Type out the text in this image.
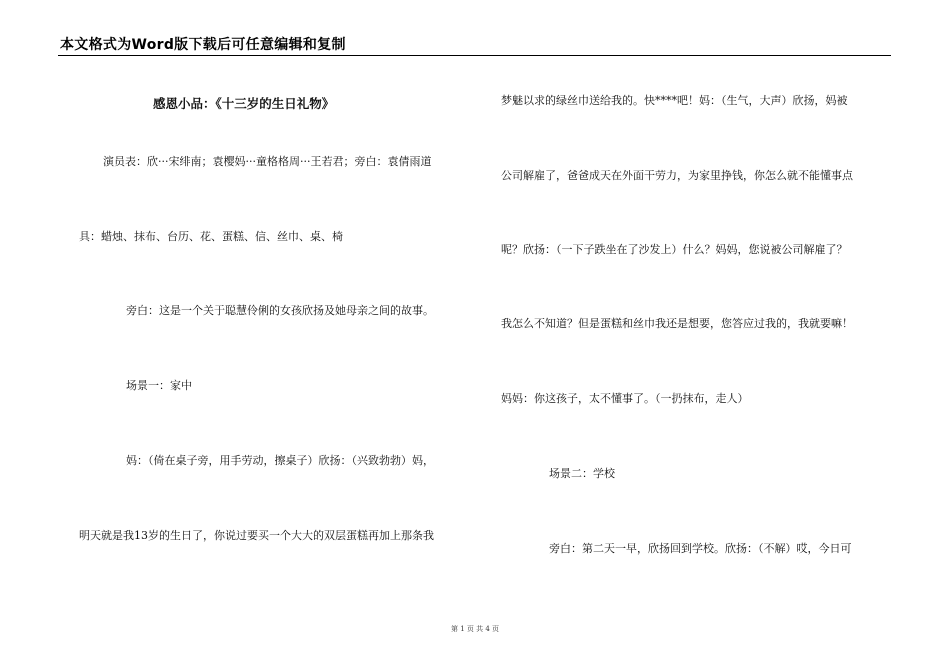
本文格式为Word版下载后可任意编辑和复制
感恩小品：《十三岁的生日礼物》
演员表：欣···宋绯南；袁樱妈···童格格周···王若君；旁白：袁倩雨道
具：蜡烛、抹布、台历、花、蛋糕、信、丝巾、桌、椅
旁白：这是一个关于聪慧伶俐的女孩欣扬及她母亲之间的故事。
场景一：家中
妈：（倚在桌子旁，用手劳动，擦桌子）欣扬：（兴致勃勃）妈，
明天就是我13岁的生日了，你说过要买一个大大的双层蛋糕再加上那条我
梦魅以求的绿丝巾送给我的。快****吧！妈：（生气，大声）欣扬，妈被
公司解雇了，爸爸成天在外面干劳力，为家里挣钱，你怎么就不能懂事点
呢？欣扬：（一下子跌坐在了沙发上）什么？妈妈，您说被公司解雇了？
我怎么不知道？但是蛋糕和丝巾我还是想要，您答应过我的，我就要嘛！
妈妈：你这孩子，太不懂事了。（一扔抹布，走人）
场景二：学校
旁白：第二天一早，欣扬回到学校。欣扬：（不解）哎，今日可
第 1 页 共 4 页
